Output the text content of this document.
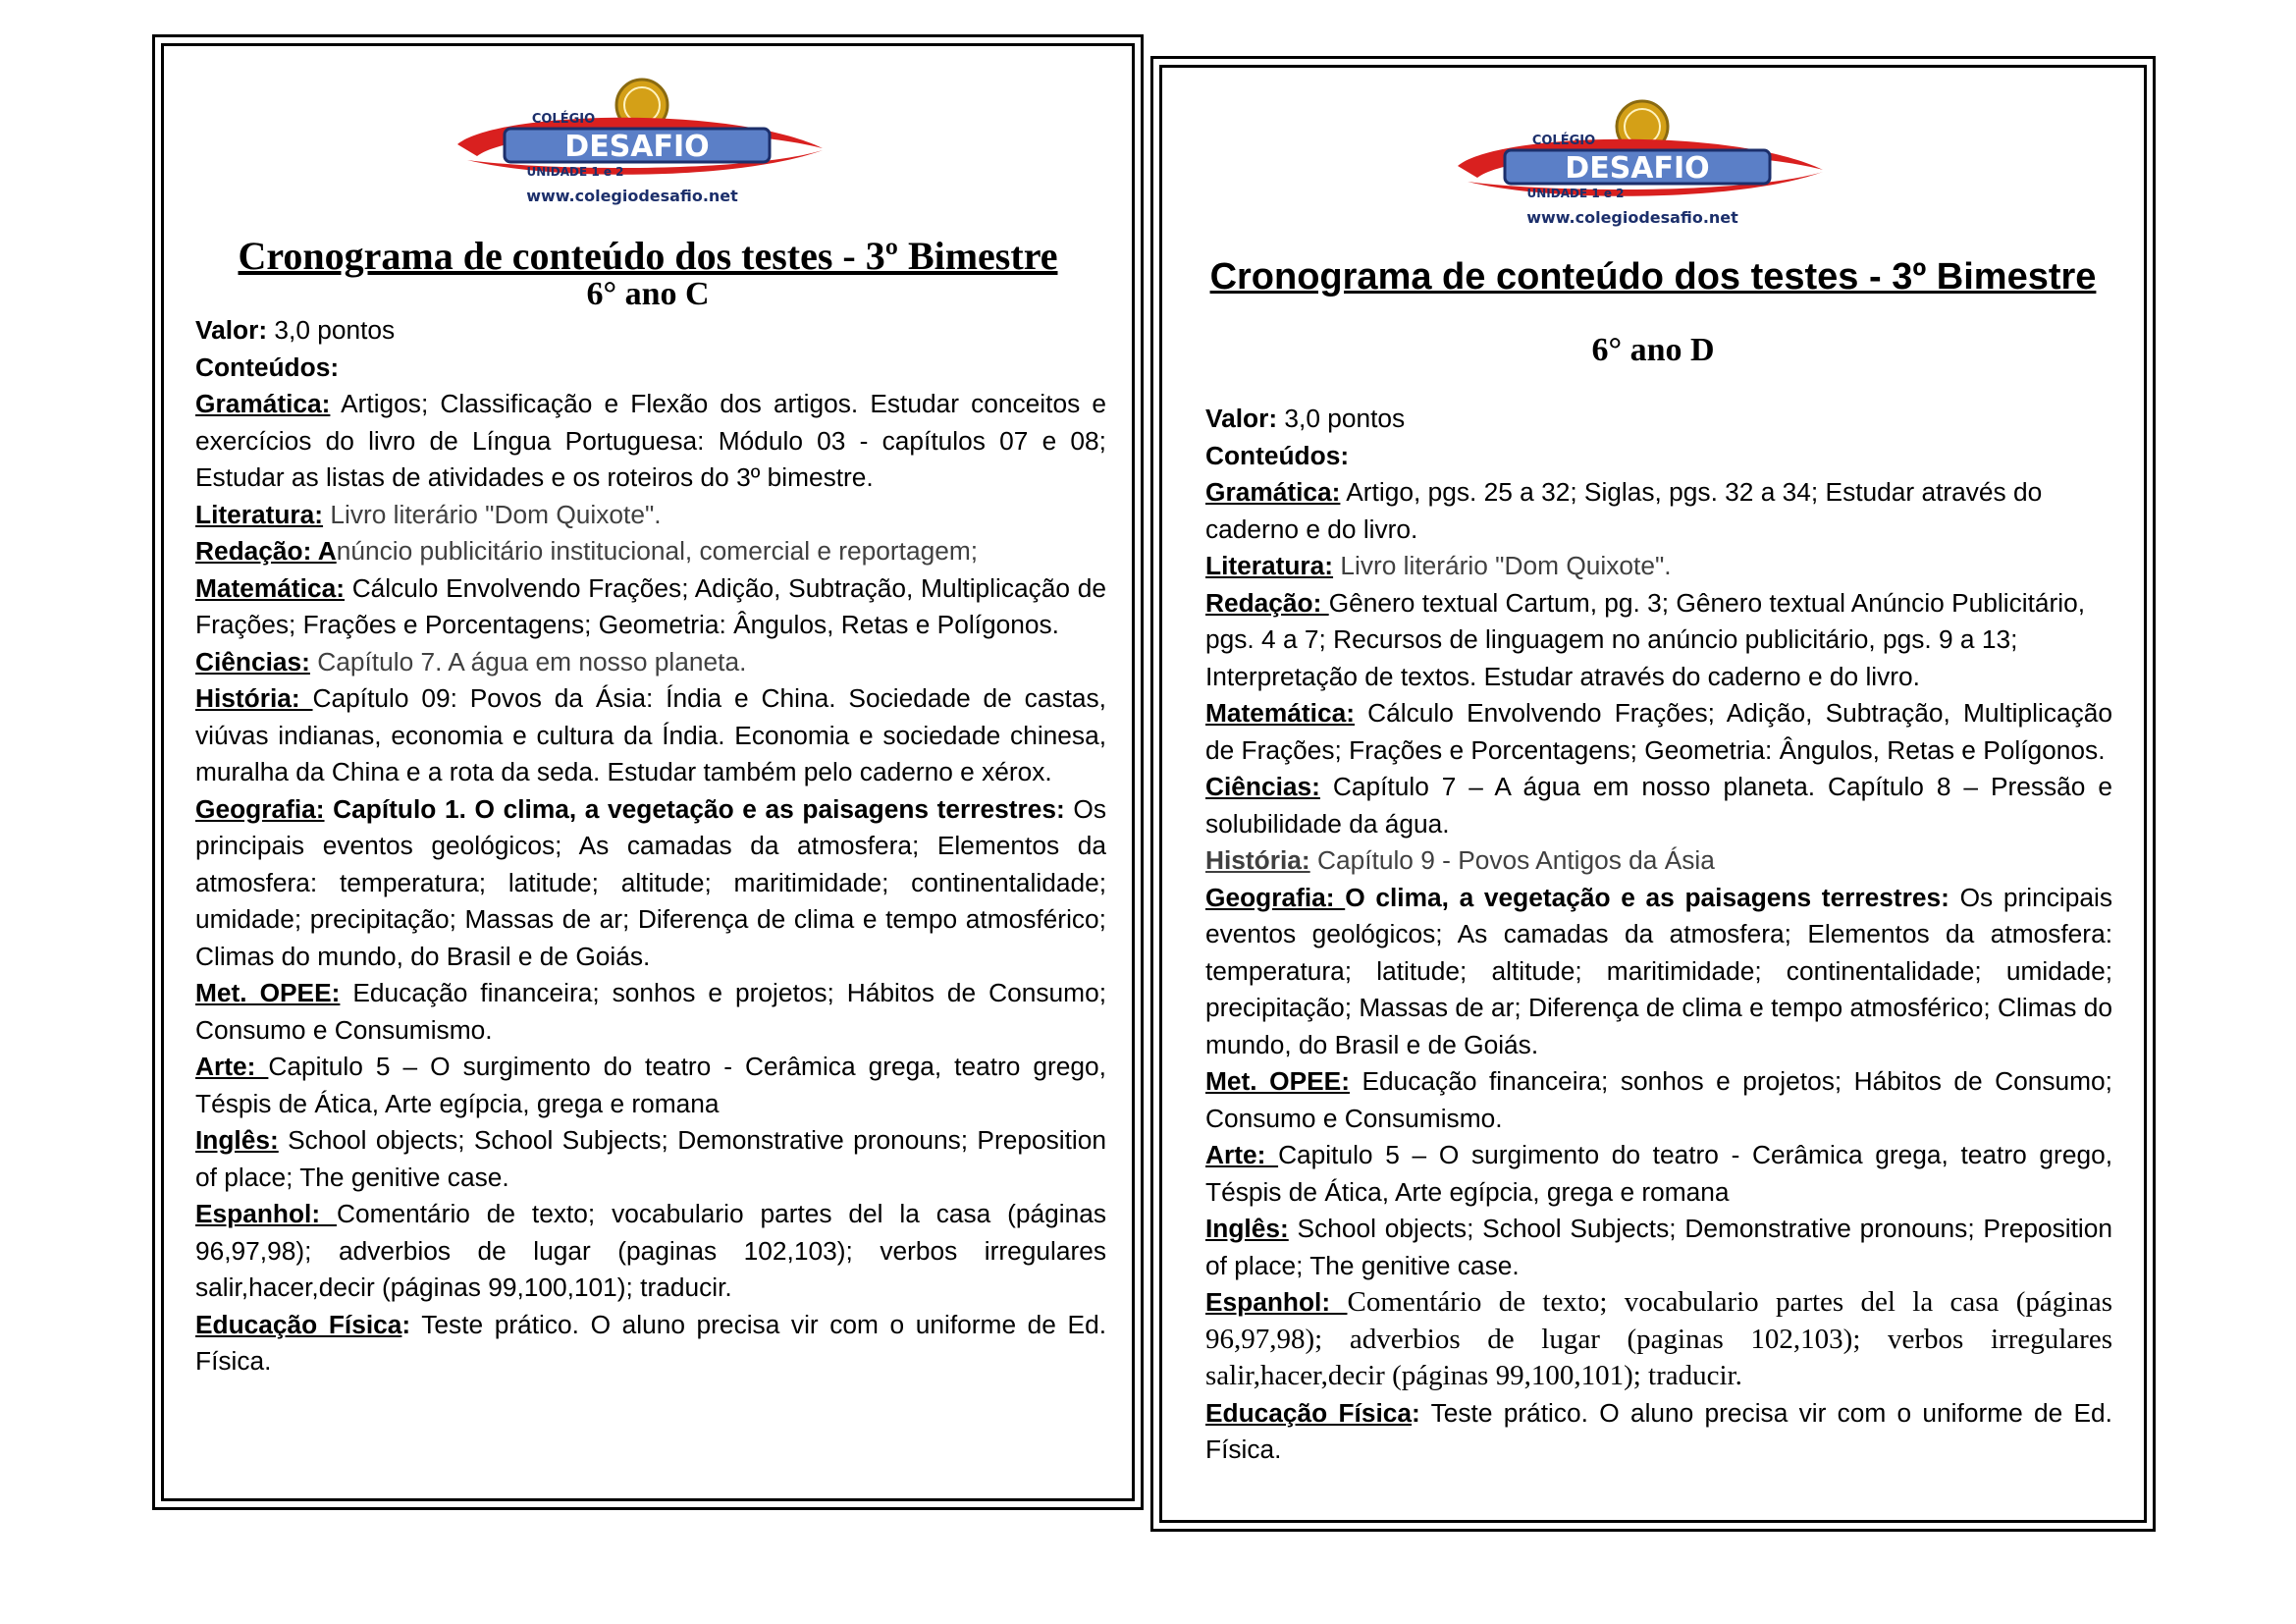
DESAFIO
COLÉGIO
UNIDADE 1 e 2
www.colegiodesafio.net
Cronograma de conteúdo dos testes - 3º Bimestre
6° ano C

Valor: 3,0 pontos

Conteúdos:

Gramática: Artigos; Classificação e Flexão dos artigos. Estudar conceitos e exercícios do livro de Língua Portuguesa: Módulo 03 - capítulos 07 e 08; Estudar as listas de atividades e os roteiros do 3º bimestre.

Literatura: Livro literário "Dom Quixote".

Redação: Anúncio publicitário institucional, comercial e reportagem;

Matemática: Cálculo Envolvendo Frações; Adição, Subtração, Multiplicação de Frações; Frações e Porcentagens; Geometria: Ângulos, Retas e Polígonos.

Ciências: Capítulo 7. A água em nosso planeta.

História: Capítulo 09: Povos da Ásia: Índia e China. Sociedade de castas, viúvas indianas, economia e cultura da Índia. Economia e sociedade chinesa, muralha da China e a rota da seda. Estudar também pelo caderno e xérox.

Geografia: Capítulo 1. O clima, a vegetação e as paisagens terrestres: Os principais eventos geológicos; As camadas da atmosfera; Elementos da atmosfera: temperatura; latitude; altitude; maritimidade; continentalidade; umidade; precipitação; Massas de ar; Diferença de clima e tempo atmosférico; Climas do mundo, do Brasil e de Goiás.

Met. OPEE: Educação financeira; sonhos e projetos; Hábitos de Consumo; Consumo e Consumismo.

Arte: Capitulo 5 – O surgimento do teatro - Cerâmica grega, teatro grego, Téspis de Ática, Arte egípcia, grega e romana

Inglês: School objects; School Subjects; Demonstrative pronouns; Preposition of place; The genitive case.

Espanhol: Comentário de texto; vocabulario partes del la casa (páginas 96,97,98); adverbios de lugar (paginas 102,103); verbos irregulares salir,hacer,decir (páginas 99,100,101); traducir.

Educação Física: Teste prático. O aluno precisa vir com o uniforme de Ed. Física.

DESAFIO
COLÉGIO
UNIDADE 1 e 2
www.colegiodesafio.net
Cronograma de conteúdo dos testes - 3º Bimestre
6° ano D

Valor: 3,0 pontos

Conteúdos:

Gramática: Artigo, pgs. 25 a 32; Siglas, pgs. 32 a 34; Estudar através do caderno e do livro.

Literatura: Livro literário "Dom Quixote".

Redação: Gênero textual Cartum, pg. 3; Gênero textual Anúncio Publicitário, pgs. 4 a 7; Recursos de linguagem no anúncio publicitário, pgs. 9 a 13; Interpretação de textos. Estudar através do caderno e do livro.

Matemática: Cálculo Envolvendo Frações; Adição, Subtração, Multiplicação de Frações; Frações e Porcentagens; Geometria: Ângulos, Retas e Polígonos.

Ciências: Capítulo 7 – A água em nosso planeta. Capítulo 8 – Pressão e solubilidade da água.

História: Capítulo 9 - Povos Antigos da Ásia

Geografia: O clima, a vegetação e as paisagens terrestres: Os principais eventos geológicos; As camadas da atmosfera; Elementos da atmosfera: temperatura; latitude; altitude; maritimidade; continentalidade; umidade; precipitação; Massas de ar; Diferença de clima e tempo atmosférico; Climas do mundo, do Brasil e de Goiás.

Met. OPEE: Educação financeira; sonhos e projetos; Hábitos de Consumo; Consumo e Consumismo.

Arte: Capitulo 5 – O surgimento do teatro - Cerâmica grega, teatro grego, Téspis de Ática, Arte egípcia, grega e romana

Inglês: School objects; School Subjects; Demonstrative pronouns; Preposition of place; The genitive case.

Espanhol: Comentário de texto; vocabulario partes del la casa (páginas 96,97,98); adverbios de lugar (paginas 102,103); verbos irregulares salir,hacer,decir (páginas 99,100,101); traducir.

Educação Física: Teste prático. O aluno precisa vir com o uniforme de Ed. Física.
